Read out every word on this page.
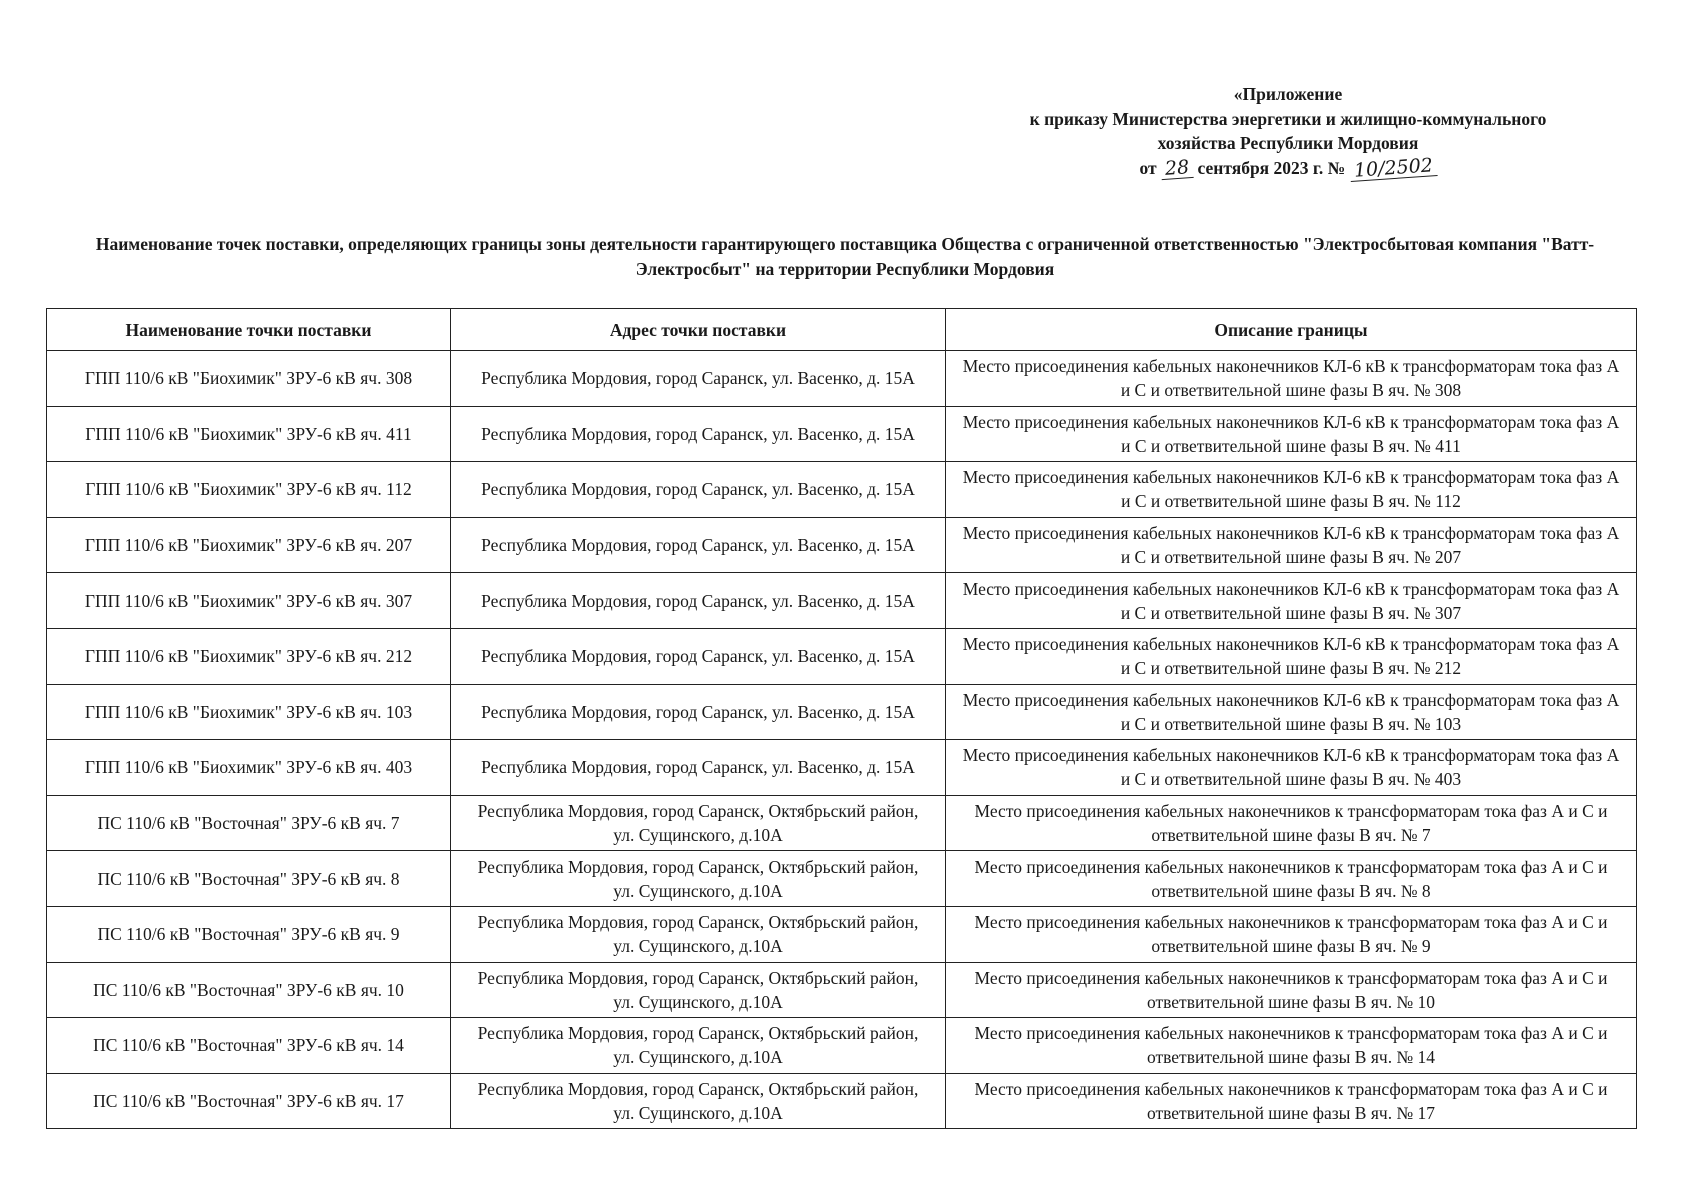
«Приложение
к приказу Министерства энергетики и жилищно-коммунального
хозяйства Республики Мордовия
от 28 сентября 2023 г. № 10/2502
Наименование точек поставки, определяющих границы зоны деятельности гарантирующего поставщика Общества с ограниченной ответственностью "Электросбытовая компания "Ватт-Электросбыт" на территории Республики Мордовия
Наименование точки поставки	Адрес точки поставки	Описание границы
ГПП 110/6 кВ "Биохимик" ЗРУ-6 кВ яч. 308	Республика Мордовия, город Саранск, ул. Васенко, д. 15А	Место присоединения кабельных наконечников КЛ-6 кВ к трансформаторам тока фаз А и С и ответвительной шине фазы В яч. № 308
ГПП 110/6 кВ "Биохимик" ЗРУ-6 кВ яч. 411	Республика Мордовия, город Саранск, ул. Васенко, д. 15А	Место присоединения кабельных наконечников КЛ-6 кВ к трансформаторам тока фаз А и С и ответвительной шине фазы В яч. № 411
ГПП 110/6 кВ "Биохимик" ЗРУ-6 кВ яч. 112	Республика Мордовия, город Саранск, ул. Васенко, д. 15А	Место присоединения кабельных наконечников КЛ-6 кВ к трансформаторам тока фаз А и С и ответвительной шине фазы В яч. № 112
ГПП 110/6 кВ "Биохимик" ЗРУ-6 кВ яч. 207	Республика Мордовия, город Саранск, ул. Васенко, д. 15А	Место присоединения кабельных наконечников КЛ-6 кВ к трансформаторам тока фаз А и С и ответвительной шине фазы В яч. № 207
ГПП 110/6 кВ "Биохимик" ЗРУ-6 кВ яч. 307	Республика Мордовия, город Саранск, ул. Васенко, д. 15А	Место присоединения кабельных наконечников КЛ-6 кВ к трансформаторам тока фаз А и С и ответвительной шине фазы В яч. № 307
ГПП 110/6 кВ "Биохимик" ЗРУ-6 кВ яч. 212	Республика Мордовия, город Саранск, ул. Васенко, д. 15А	Место присоединения кабельных наконечников КЛ-6 кВ к трансформаторам тока фаз А и С и ответвительной шине фазы В яч. № 212
ГПП 110/6 кВ "Биохимик" ЗРУ-6 кВ яч. 103	Республика Мордовия, город Саранск, ул. Васенко, д. 15А	Место присоединения кабельных наконечников КЛ-6 кВ к трансформаторам тока фаз А и С и ответвительной шине фазы В яч. № 103
ГПП 110/6 кВ "Биохимик" ЗРУ-6 кВ яч. 403	Республика Мордовия, город Саранск, ул. Васенко, д. 15А	Место присоединения кабельных наконечников КЛ-6 кВ к трансформаторам тока фаз А и С и ответвительной шине фазы В яч. № 403
ПС 110/6 кВ "Восточная" ЗРУ-6 кВ яч. 7	Республика Мордовия, город Саранск, Октябрьский район, ул. Сущинского, д.10А	Место присоединения кабельных наконечников к трансформаторам тока фаз А и С и ответвительной шине фазы В яч. № 7
ПС 110/6 кВ "Восточная" ЗРУ-6 кВ яч. 8	Республика Мордовия, город Саранск, Октябрьский район, ул. Сущинского, д.10А	Место присоединения кабельных наконечников к трансформаторам тока фаз А и С и ответвительной шине фазы В яч. № 8
ПС 110/6 кВ "Восточная" ЗРУ-6 кВ яч. 9	Республика Мордовия, город Саранск, Октябрьский район, ул. Сущинского, д.10А	Место присоединения кабельных наконечников к трансформаторам тока фаз А и С и ответвительной шине фазы В яч. № 9
ПС 110/6 кВ "Восточная" ЗРУ-6 кВ яч. 10	Республика Мордовия, город Саранск, Октябрьский район, ул. Сущинского, д.10А	Место присоединения кабельных наконечников к трансформаторам тока фаз А и С и ответвительной шине фазы В яч. № 10
ПС 110/6 кВ "Восточная" ЗРУ-6 кВ яч. 14	Республика Мордовия, город Саранск, Октябрьский район, ул. Сущинского, д.10А	Место присоединения кабельных наконечников к трансформаторам тока фаз А и С и ответвительной шине фазы В яч. № 14
ПС 110/6 кВ "Восточная" ЗРУ-6 кВ яч. 17	Республика Мордовия, город Саранск, Октябрьский район, ул. Сущинского, д.10А	Место присоединения кабельных наконечников к трансформаторам тока фаз А и С и ответвительной шине фазы В яч. № 17
